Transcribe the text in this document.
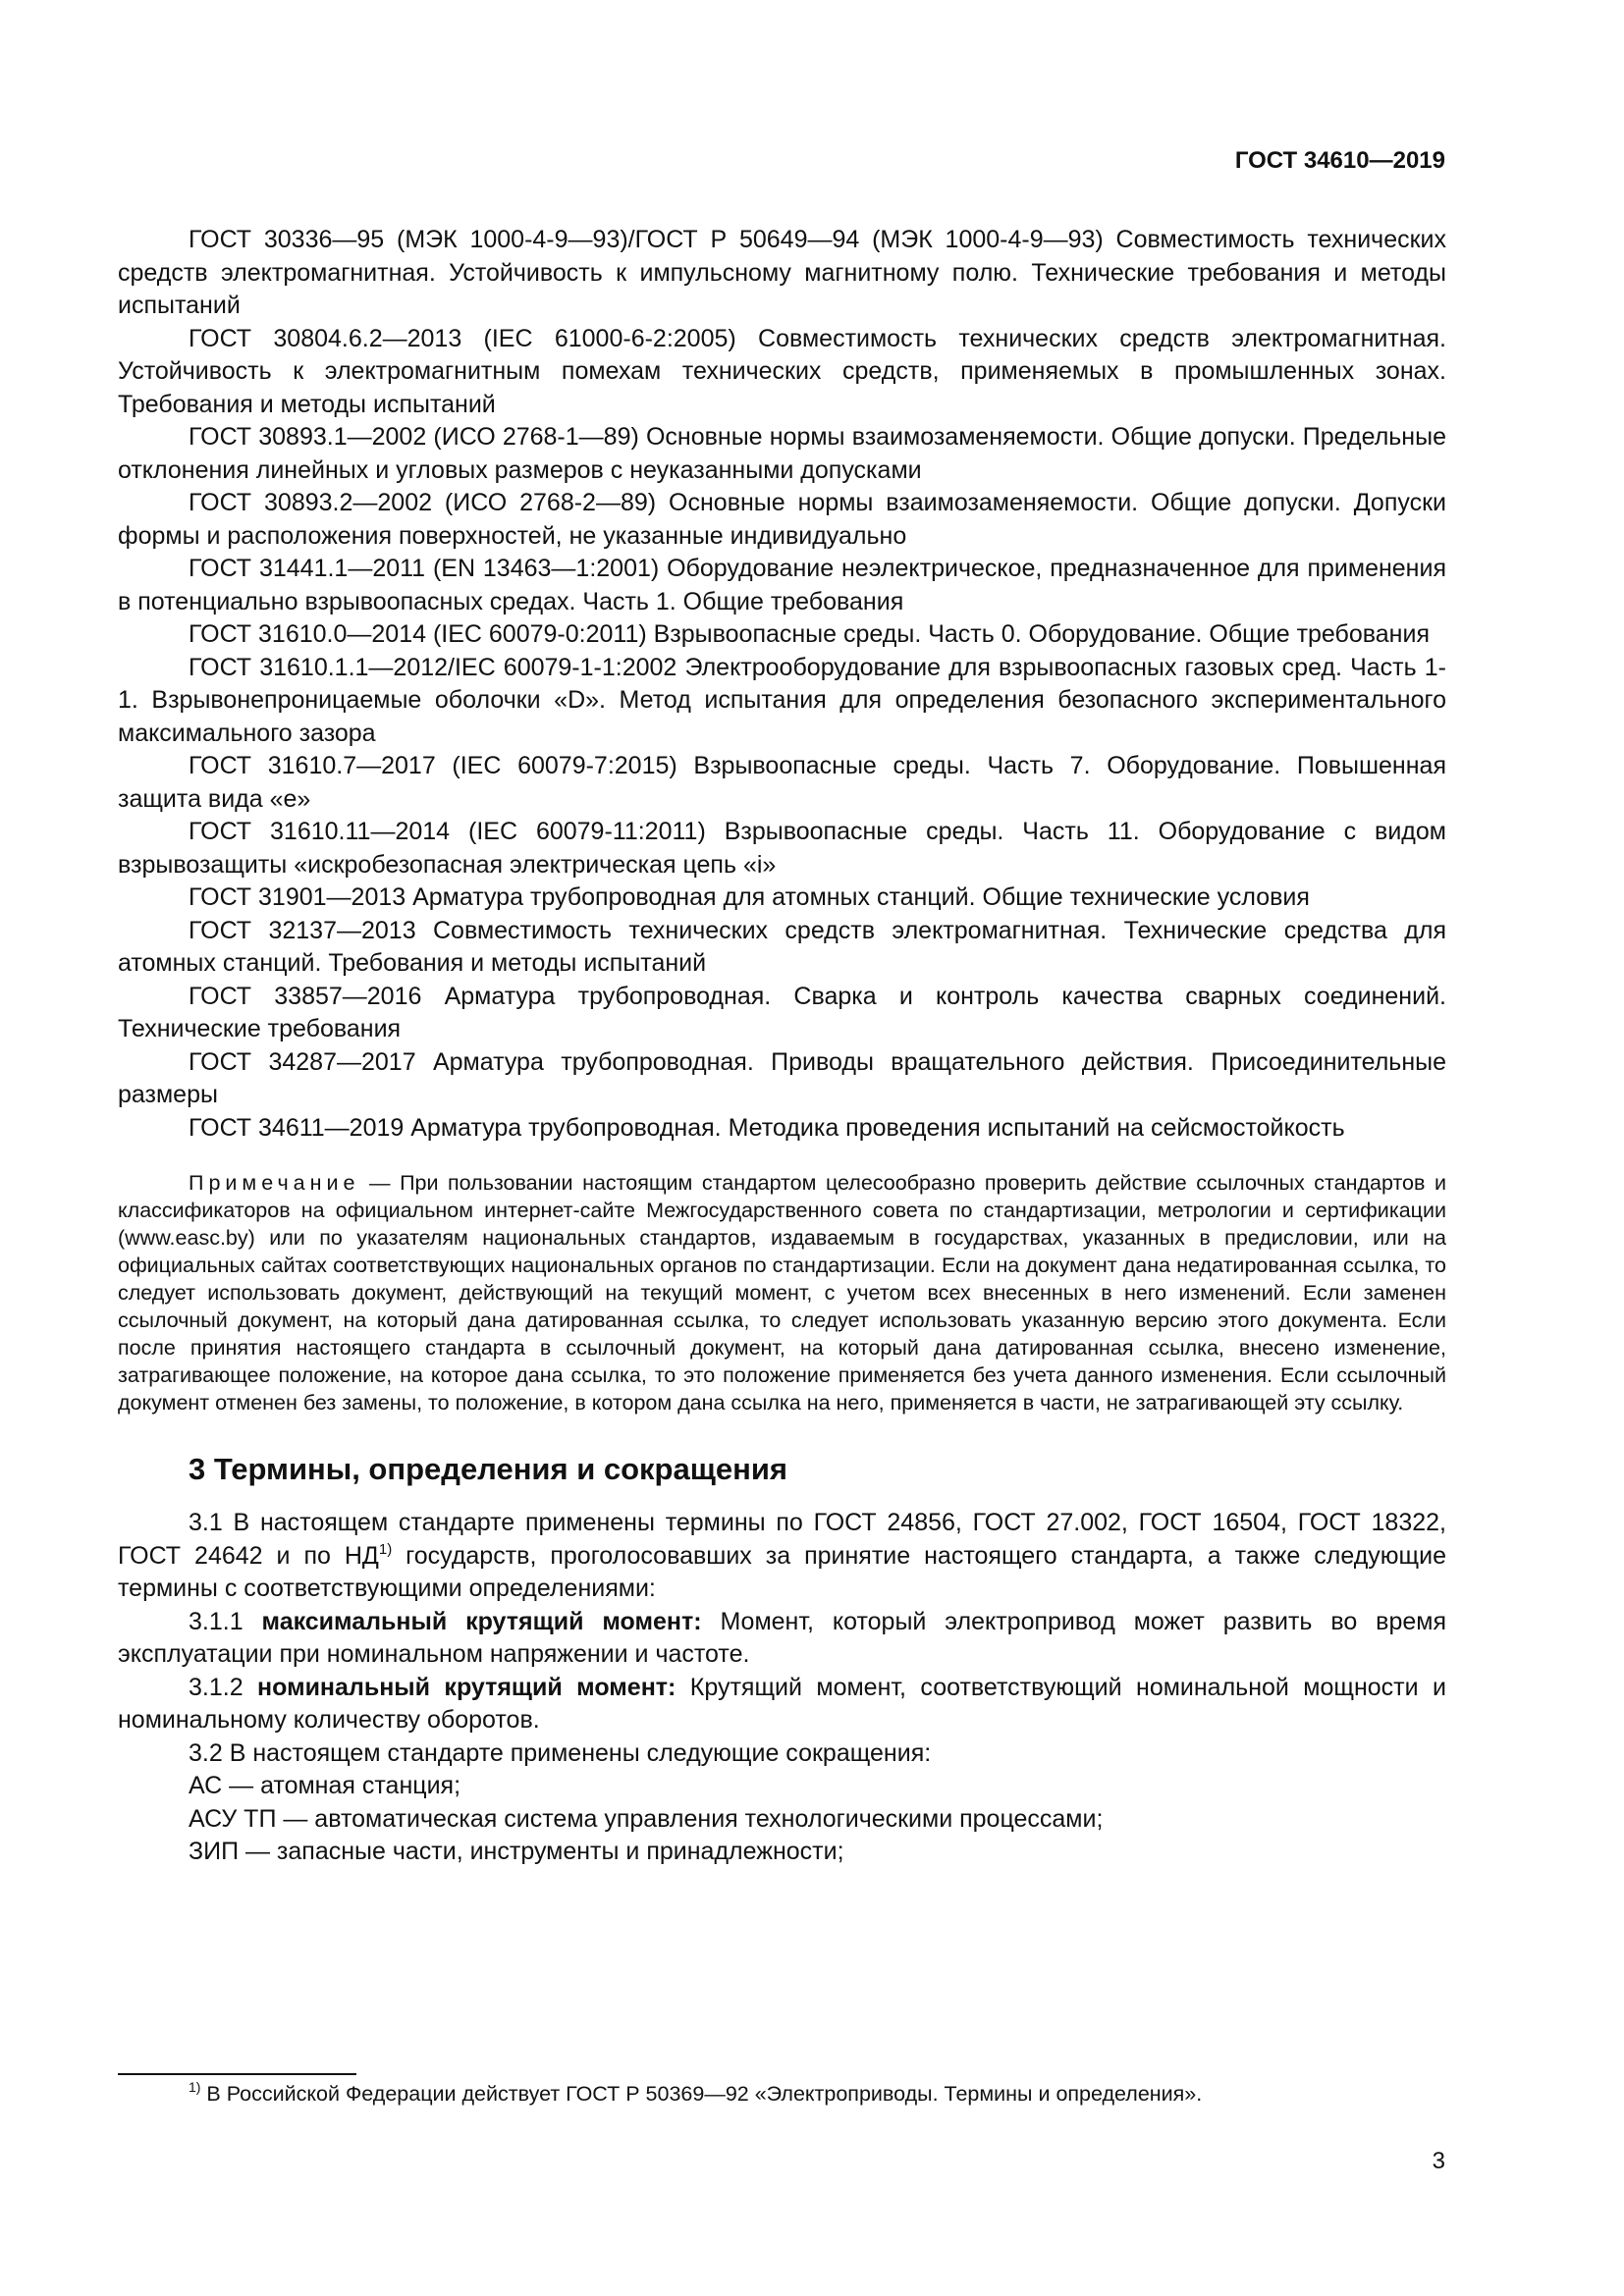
ГОСТ 34610—2019

ГОСТ 30336—95 (МЭК 1000-4-9—93)/ГОСТ Р 50649—94 (МЭК 1000-4-9—93) Совместимость технических средств электромагнитная. Устойчивость к импульсному магнитному полю. Технические требования и методы испытаний

ГОСТ 30804.6.2—2013 (IEC 61000-6-2:2005) Совместимость технических средств электромагнитная. Устойчивость к электромагнитным помехам технических средств, применяемых в промышленных зонах. Требования и методы испытаний

ГОСТ 30893.1—2002 (ИСО 2768-1—89) Основные нормы взаимозаменяемости. Общие допуски. Предельные отклонения линейных и угловых размеров с неуказанными допусками

ГОСТ 30893.2—2002 (ИСО 2768-2—89) Основные нормы взаимозаменяемости. Общие допуски. Допуски формы и расположения поверхностей, не указанные индивидуально

ГОСТ 31441.1—2011 (EN 13463—1:2001) Оборудование неэлектрическое, предназначенное для применения в потенциально взрывоопасных средах. Часть 1. Общие требования

ГОСТ 31610.0—2014 (IEC 60079-0:2011) Взрывоопасные среды. Часть 0. Оборудование. Общие требования

ГОСТ 31610.1.1—2012/IEC 60079-1-1:2002 Электрооборудование для взрывоопасных газовых сред. Часть 1-1. Взрывонепроницаемые оболочки «D». Метод испытания для определения безопасного экспериментального максимального зазора

ГОСТ 31610.7—2017 (IEC 60079-7:2015) Взрывоопасные среды. Часть 7. Оборудование. Повышенная защита вида «е»

ГОСТ 31610.11—2014 (IEC 60079-11:2011) Взрывоопасные среды. Часть 11. Оборудование с видом взрывозащиты «искробезопасная электрическая цепь «i»

ГОСТ 31901—2013 Арматура трубопроводная для атомных станций. Общие технические условия

ГОСТ 32137—2013 Совместимость технических средств электромагнитная. Технические средства для атомных станций. Требования и методы испытаний

ГОСТ 33857—2016 Арматура трубопроводная. Сварка и контроль качества сварных соединений. Технические требования

ГОСТ 34287—2017 Арматура трубопроводная. Приводы вращательного действия. Присоединительные размеры

ГОСТ 34611—2019 Арматура трубопроводная. Методика проведения испытаний на сейсмостойкость

Примечание — При пользовании настоящим стандартом целесообразно проверить действие ссылочных стандартов и классификаторов на официальном интернет-сайте Межгосударственного совета по стандартизации, метрологии и сертификации (www.easc.by) или по указателям национальных стандартов, издаваемым в государствах, указанных в предисловии, или на официальных сайтах соответствующих национальных органов по стандартизации. Если на документ дана недатированная ссылка, то следует использовать документ, действующий на текущий момент, с учетом всех внесенных в него изменений. Если заменен ссылочный документ, на который дана датированная ссылка, то следует использовать указанную версию этого документа. Если после принятия настоящего стандарта в ссылочный документ, на который дана датированная ссылка, внесено изменение, затрагивающее положение, на которое дана ссылка, то это положение применяется без учета данного изменения. Если ссылочный документ отменен без замены, то положение, в котором дана ссылка на него, применяется в части, не затрагивающей эту ссылку.
3 Термины, определения и сокращения

3.1 В настоящем стандарте применены термины по ГОСТ 24856, ГОСТ 27.002, ГОСТ 16504, ГОСТ 18322, ГОСТ 24642 и по НД$^{1)}$ государств, проголосовавших за принятие настоящего стандарта, а также следующие термины с соответствующими определениями:

3.1.1 максимальный крутящий момент: Момент, который электропривод может развить во время эксплуатации при номинальном напряжении и частоте.

3.1.2 номинальный крутящий момент: Крутящий момент, соответствующий номинальной мощности и номинальному количеству оборотов.

3.2 В настоящем стандарте применены следующие сокращения:

АС — атомная станция;

АСУ ТП — автоматическая система управления технологическими процессами;

ЗИП — запасные части, инструменты и принадлежности;

$^{1)}$ В Российской Федерации действует ГОСТ Р 50369—92 «Электроприводы. Термины и определения».
3
